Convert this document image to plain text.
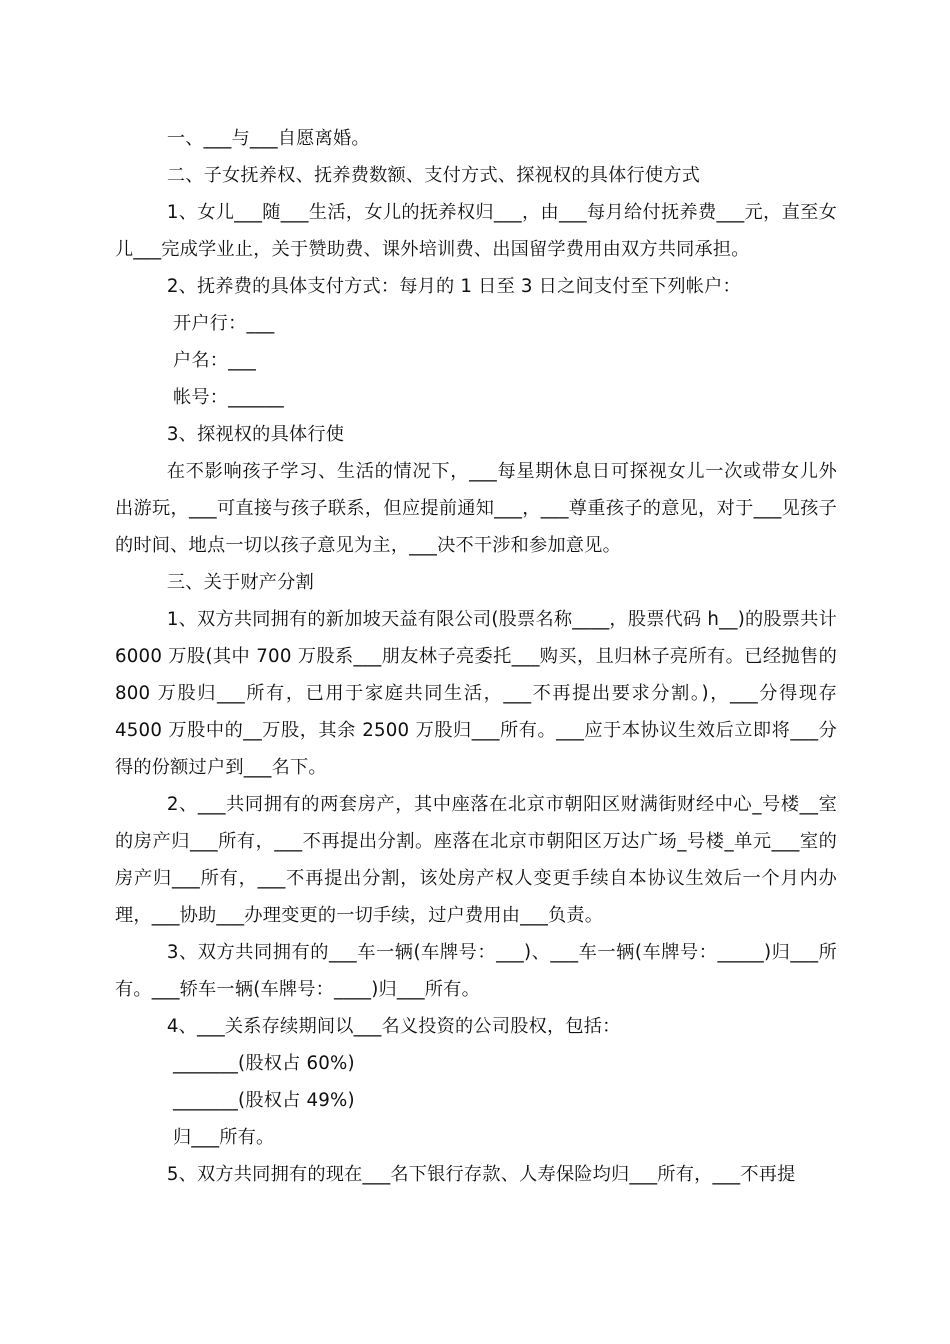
一、___与___自愿离婚。

二、子女抚养权、抚养费数额、支付方式、探视权的具体行使方式

1、女儿___随___生活，女儿的抚养权归___，由___每月给付抚养费___元，直至女儿___完成学业止，关于赞助费、课外培训费、出国留学费用由双方共同承担。

2、抚养费的具体支付方式：每月的 1 日至 3 日之间支付至下列帐户：

开户行：___

户名：___

帐号：______

3、探视权的具体行使

在不影响孩子学习、生活的情况下，___每星期休息日可探视女儿一次或带女儿外出游玩，___可直接与孩子联系，但应提前通知___，___尊重孩子的意见，对于___见孩子的时间、地点一切以孩子意见为主，___决不干涉和参加意见。

三、关于财产分割

1、双方共同拥有的新加坡天益有限公司(股票名称____，股票代码 h__)的股票共计 6000 万股(其中 700 万股系___朋友林子亮委托___购买，且归林子亮所有。已经抛售的 800 万股归___所有，已用于家庭共同生活，___不再提出要求分割。)，___分得现存 4500 万股中的__万股，其余 2500 万股归___所有。___应于本协议生效后立即将___分得的份额过户到___名下。

2、___共同拥有的两套房产，其中座落在北京市朝阳区财满街财经中心_号楼__室的房产归___所有，___不再提出分割。座落在北京市朝阳区万达广场_号楼_单元___室的房产归___所有，___不再提出分割，该处房产权人变更手续自本协议生效后一个月内办理，___协助___办理变更的一切手续，过户费用由___负责。

3、双方共同拥有的___车一辆(车牌号：___)、___车一辆(车牌号：_____)归___所有。___轿车一辆(车牌号：____)归___所有。

4、___关系存续期间以___名义投资的公司股权，包括：

_______(股权占 60%)

_______(股权占 49%)

归___所有。

5、双方共同拥有的现在___名下银行存款、人寿保险均归___所有，___不再提
